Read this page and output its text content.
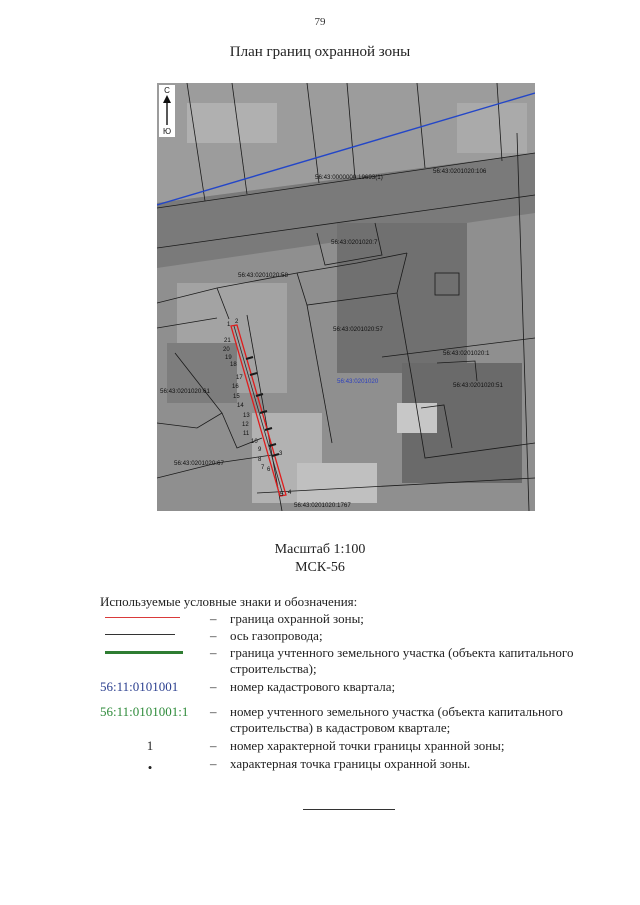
79
План границ охранной зоны
С
Ю
56:43:0000000:19693(1)
56:43:0201020:106
56:43:0201020:7
56:43:0201020:58
56:43:0201020:57
56:43:0201020:1
56:43:0201020:61
56:43:0201020:51
56:43:0201020:67
56:43:0201020:1767
56:43:0201020
1 2
21
20
19
18
17
16
15
14
13
12
11
10
9
8
7 6
3
5 4
Масштаб 1:100
МСК-56
Используемые условные знаки и обозначения:
– граница охранной зоны;
– ось газопровода;
– граница учтенного земельного участка (объекта капитального строительства);
56:11:0101001	– номер кадастрового квартала;
56:11:0101001:1	– номер учтенного земельного участка (объекта капитального строительства) в кадастровом квартале;
1	– номер характерной точки границы хранной зоны;
•	– характерная точка границы охранной зоны.
